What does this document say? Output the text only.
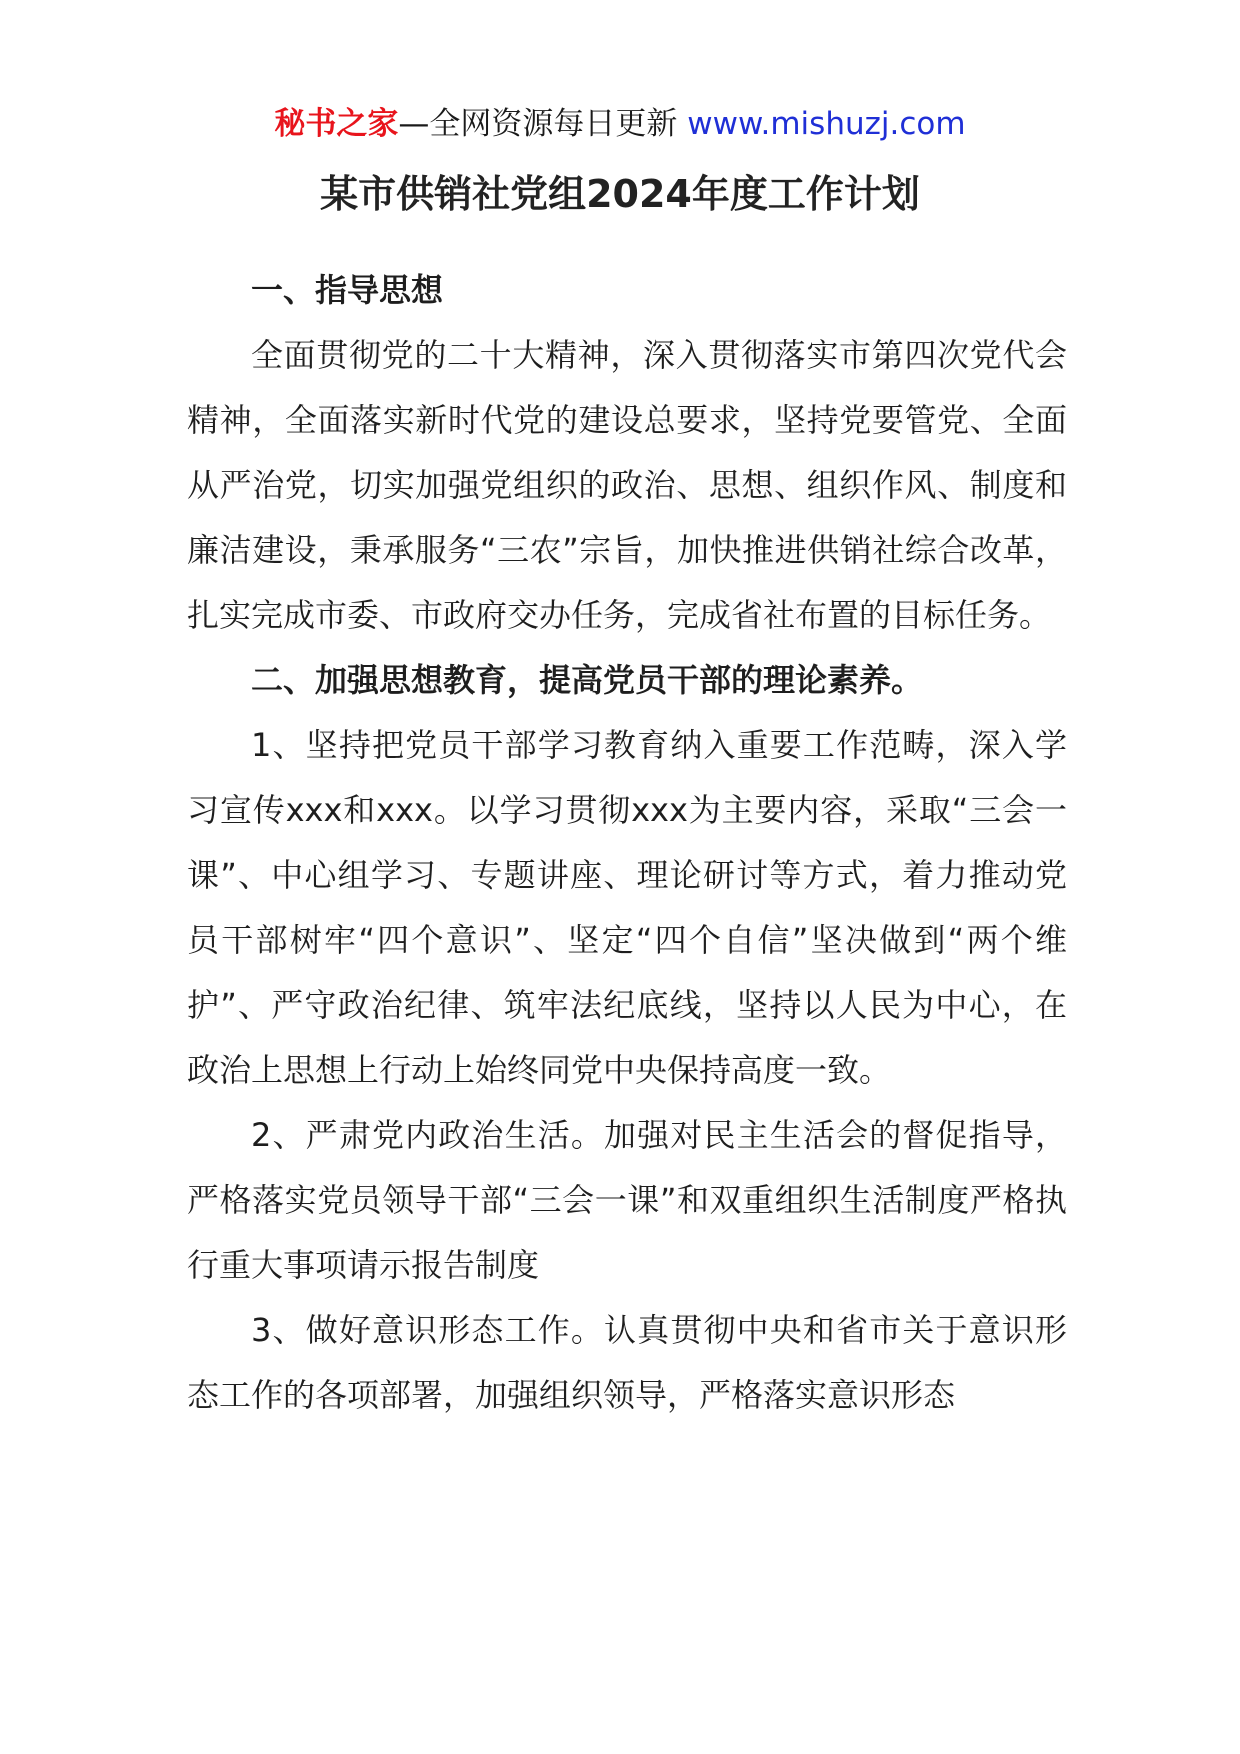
秘书之家—全网资源每日更新 www.mishuzj.com
某市供销社党组2024年度工作计划
一、指导思想

全面贯彻党的二十大精神，深入贯彻落实市第四次党代会精神，全面落实新时代党的建设总要求，坚持党要管党、全面从严治党，切实加强党组织的政治、思想、组织作风、制度和廉洁建设，秉承服务“三农”宗旨，加快推进供销社综合改革，扎实完成市委、市政府交办任务，完成省社布置的目标任务。

二、加强思想教育，提高党员干部的理论素养。

1、坚持把党员干部学习教育纳入重要工作范畴，深入学习宣传xxx和xxx。以学习贯彻xxx为主要内容，采取“三会一课”、中心组学习、专题讲座、理论研讨等方式，着力推动党员干部树牢“四个意识”、坚定“四个自信”坚决做到“两个维护”、严守政治纪律、筑牢法纪底线，坚持以人民为中心，在政治上思想上行动上始终同党中央保持高度一致。

2、严肃党内政治生活。加强对民主生活会的督促指导，严格落实党员领导干部“三会一课”和双重组织生活制度严格执行重大事项请示报告制度

3、做好意识形态工作。认真贯彻中央和省市关于意识形态工作的各项部署，加强组织领导，严格落实意识形态
